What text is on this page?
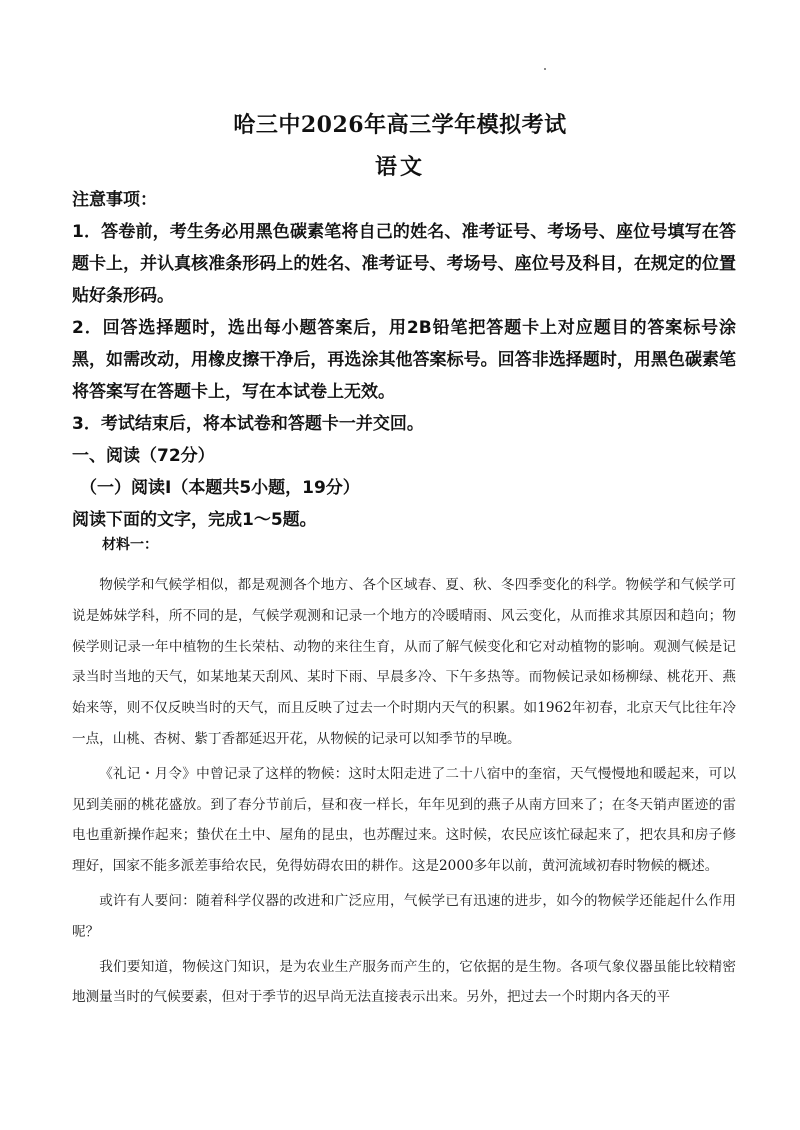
哈三中2026年高三学年模拟考试
语文

注意事项：

1．答卷前，考生务必用黑色碳素笔将自己的姓名、准考证号、考场号、座位号填写在答题卡上，并认真核准条形码上的姓名、准考证号、考场号、座位号及科目，在规定的位置贴好条形码。

2．回答选择题时，选出每小题答案后，用2B铅笔把答题卡上对应题目的答案标号涂黑，如需改动，用橡皮擦干净后，再选涂其他答案标号。回答非选择题时，用黑色碳素笔将答案写在答题卡上，写在本试卷上无效。

3．考试结束后，将本试卷和答题卡一并交回。

一、阅读（72分）

（一）阅读Ⅰ（本题共5小题，19分）

阅读下面的文字，完成1～5题。

材料一：

物候学和气候学相似，都是观测各个地方、各个区域春、夏、秋、冬四季变化的科学。物候学和气候学可说是姊妹学科，所不同的是，气候学观测和记录一个地方的冷暖晴雨、风云变化，从而推求其原因和趋向；物候学则记录一年中植物的生长荣枯、动物的来往生育，从而了解气候变化和它对动植物的影响。观测气候是记录当时当地的天气，如某地某天刮风、某时下雨、早晨多冷、下午多热等。而物候记录如杨柳绿、桃花开、燕始来等，则不仅反映当时的天气，而且反映了过去一个时期内天气的积累。如1962年初春，北京天气比往年冷一点，山桃、杏树、紫丁香都延迟开花，从物候的记录可以知季节的早晚。

《礼记・月令》中曾记录了这样的物候：这时太阳走进了二十八宿中的奎宿，天气慢慢地和暖起来，可以见到美丽的桃花盛放。到了春分节前后，昼和夜一样长，年年见到的燕子从南方回来了；在冬天销声匿迹的雷电也重新操作起来；蛰伏在土中、屋角的昆虫，也苏醒过来。这时候，农民应该忙碌起来了，把农具和房子修理好，国家不能多派差事给农民，免得妨碍农田的耕作。这是2000多年以前，黄河流域初春时物候的概述。

或许有人要问：随着科学仪器的改进和广泛应用，气候学已有迅速的进步，如今的物候学还能起什么作用呢？

我们要知道，物候这门知识，是为农业生产服务而产生的，它依据的是生物。各项气象仪器虽能比较精密地测量当时的气候要素，但对于季节的迟早尚无法直接表示出来。另外，把过去一个时期内各天的平
